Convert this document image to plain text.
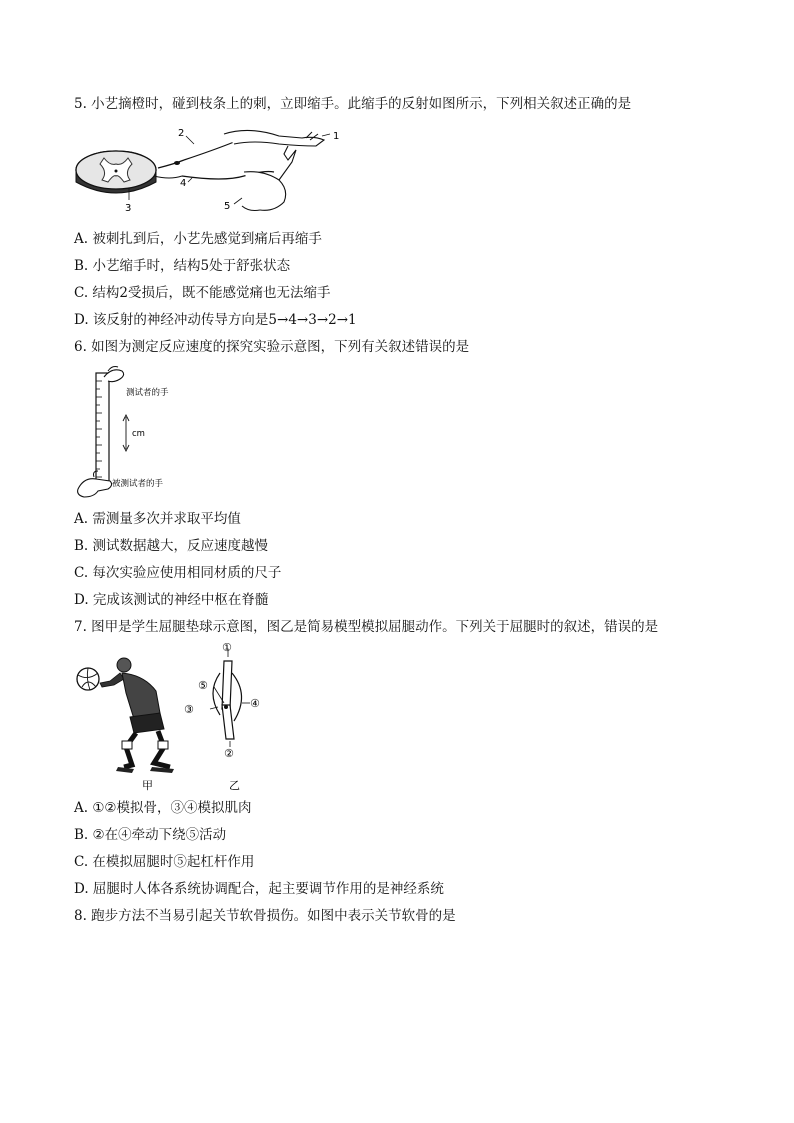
5. 小艺摘橙时，碰到枝条上的刺，立即缩手。此缩手的反射如图所示，下列相关叙述正确的是
1
2
3
4
5
A. 被刺扎到后，小艺先感觉到痛后再缩手
B. 小艺缩手时，结构5处于舒张状态
C. 结构2受损后，既不能感觉痛也无法缩手
D. 该反射的神经冲动传导方向是5→4→3→2→1
6. 如图为测定反应速度的探究实验示意图，下列有关叙述错误的是
测试者的手
cm
被测试者的手
A. 需测量多次并求取平均值
B. 测试数据越大，反应速度越慢
C. 每次实验应使用相同材质的尺子
D. 完成该测试的神经中枢在脊髓
7. 图甲是学生屈腿垫球示意图，图乙是简易模型模拟屈腿动作。下列关于屈腿时的叙述，错误的是
甲
①
②
③	④
⑤
乙
A. ①②模拟骨，③④模拟肌肉
B. ②在④牵动下绕⑤活动
C. 在模拟屈腿时⑤起杠杆作用
D. 屈腿时人体各系统协调配合，起主要调节作用的是神经系统
8. 跑步方法不当易引起关节软骨损伤。如图中表示关节软骨的是
